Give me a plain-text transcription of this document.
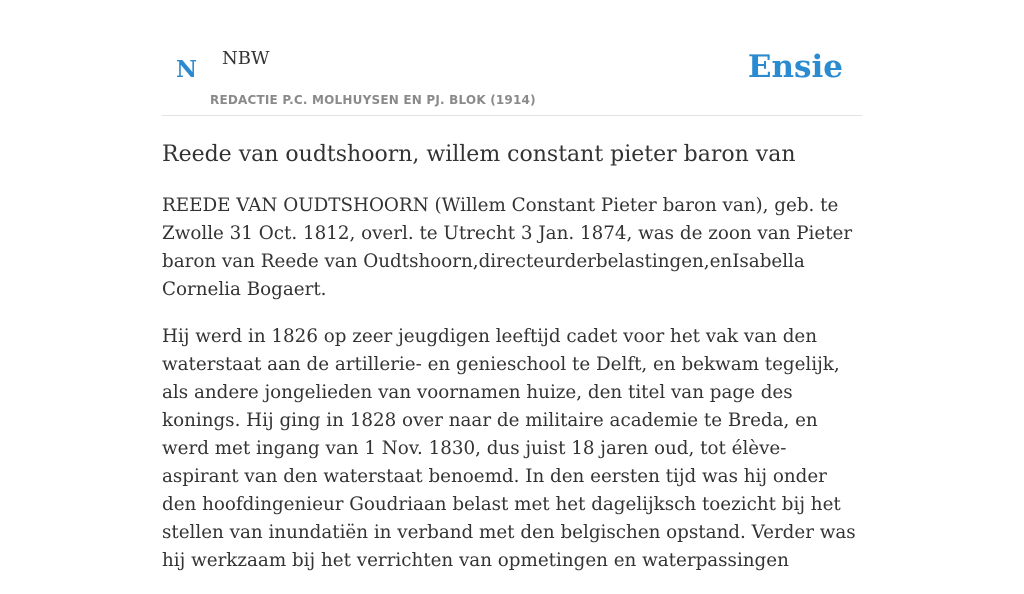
N NBW
REDACTIE P.C. MOLHUYSEN EN PJ. BLOK (1914)
Ensie
Reede van oudtshoorn, willem constant pieter baron van

REEDE VAN OUDTSHOORN (Willem Constant Pieter baron van), geb. te Zwolle 31 Oct. 1812, overl. te Utrecht 3 Jan. 1874, was de zoon van Pieter baron van Reede van Oudtshoorn,directeurderbelastingen,enIsabella Cornelia Bogaert.

Hij werd in 1826 op zeer jeugdigen leeftijd cadet voor het vak van den waterstaat aan de artillerie- en genieschool te Delft, en bekwam tegelijk, als andere jongelieden van voornamen huize, den titel van page des konings. Hij ging in 1828 over naar de militaire academie te Breda, en werd met ingang van 1 Nov. 1830, dus juist 18 jaren oud, tot élève-aspirant van den waterstaat benoemd. In den eersten tijd was hij onder den hoofdingenieur Goudriaan belast met het dagelijksch toezicht bij het stellen van inundatiën in verband met den belgischen opstand. Verder was hij werkzaam bij het verrichten van opmetingen en waterpassingen
